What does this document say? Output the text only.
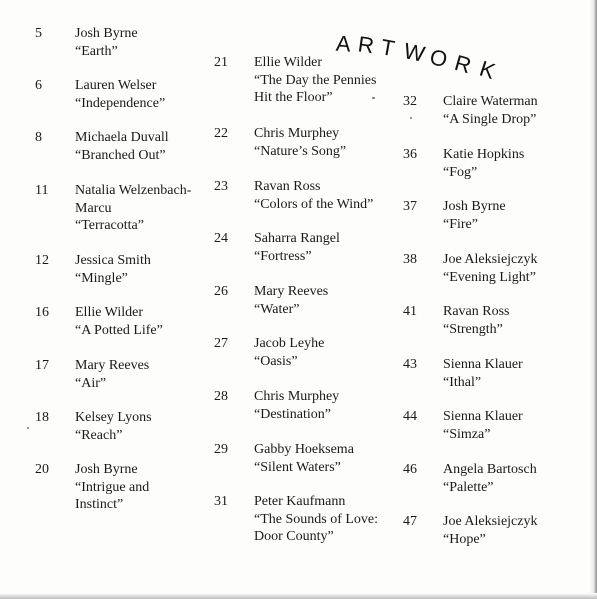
A R T W O R K
5 Josh Byrne
“Earth”
6 Lauren Welser
“Independence”
8 Michaela Duvall
“Branched Out”
11 Natalia Welzenbach-
Marcu
“Terracotta”
12 Jessica Smith
“Mingle”
16 Ellie Wilder
“A Potted Life”
17 Mary Reeves
“Air”
18 Kelsey Lyons
“Reach”
20 Josh Byrne
“Intrigue and
Instinct”
21 Ellie Wilder
“The Day the Pennies
Hit the Floor”
22 Chris Murphey
“Nature’s Song”
23 Ravan Ross
“Colors of the Wind”
24 Saharra Rangel
“Fortress”
26 Mary Reeves
“Water”
27 Jacob Leyhe
“Oasis”
28 Chris Murphey
“Destination”
29 Gabby Hoeksema
“Silent Waters”
31 Peter Kaufmann
“The Sounds of Love:
Door County”
32 Claire Waterman
“A Single Drop”
36 Katie Hopkins
“Fog”
37 Josh Byrne
“Fire”
38 Joe Aleksiejczyk
“Evening Light”
41 Ravan Ross
“Strength”
43 Sienna Klauer
“Ithal”
44 Sienna Klauer
“Simza”
46 Angela Bartosch
“Palette”
47 Joe Aleksiejczyk
“Hope”
